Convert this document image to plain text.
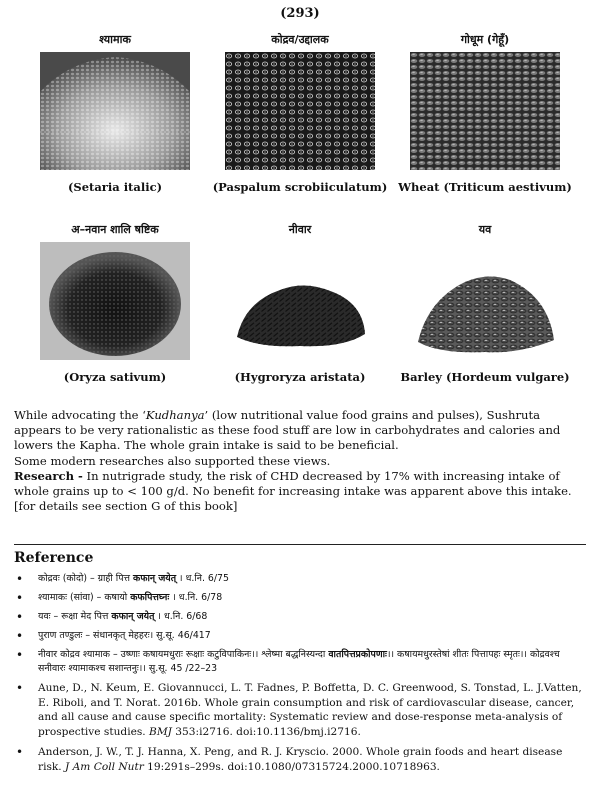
(293)
श्यामाक
(Setaria italic)
कोद्रव/उद्दालक
(Paspalum scrobiiculatum)
गोधूम (गेहूँ)
Wheat (Triticum aestivum)
अ–नवान शालि षष्टिक
(Oryza sativum)
नीवार
(Hygroryza aristata)
यव
Barley (Hordeum vulgare)

While advocating the ‘Kudhanya’ (low nutritional value food grains and pulses), Sushruta appears to be very rationalistic as these food stuff are low in carbohydrates and calories and lowers the Kapha. The whole grain intake is said to be beneficial.

Some modern researches also supported these views.

Research - In nutrigrade study, the risk of CHD decreased by 17% with increasing intake of whole grains up to < 100 g/d. No benefit for increasing intake was apparent above this intake. [for details see section G of this book]

Reference
• कोद्रवः (कोदो) – ग्राही पित्त कफान् जयेत् । ध.नि. 6/75
• श्यामाकः (सांवा) – कषायो कफपित्तघ्नः । ध.नि. 6/78
• यवः – रूक्षा मेद पित्त कफान् जयेत् । ध.नि. 6/68
• पुराण तण्डुलः – संधानकृत् मेहहरः। सु.सू. 46/417
• नीवार कोद्रव श्यामाक – उष्णाः कषायमधुराः रूक्षाः कटुविपाकिनः।। श्लेष्मा बद्धनिस्यन्दा वातपित्तप्रकोपणाः।। कषायमधुरस्तेषां शीतः पित्तापहः स्मृतः।। कोद्रवश्च सनीवारः श्यामाकश्च सशान्तनुः।। सु.सू. 45 /22–23
• Aune, D., N. Keum, E. Giovannucci, L. T. Fadnes, P. Boffetta, D. C. Greenwood, S. Tonstad, L. J.Vatten, E. Riboli, and T. Norat. 2016b. Whole grain consumption and risk of cardiovascular disease, cancer, and all cause and cause specific mortality: Systematic review and dose-response meta-analysis of prospective studies. BMJ 353:i2716. doi:10.1136/bmj.i2716.
• Anderson, J. W., T. J. Hanna, X. Peng, and R. J. Kryscio. 2000. Whole grain foods and heart disease risk. J Am Coll Nutr 19:291s–299s. doi:10.1080/07315724.2000.10718963.
